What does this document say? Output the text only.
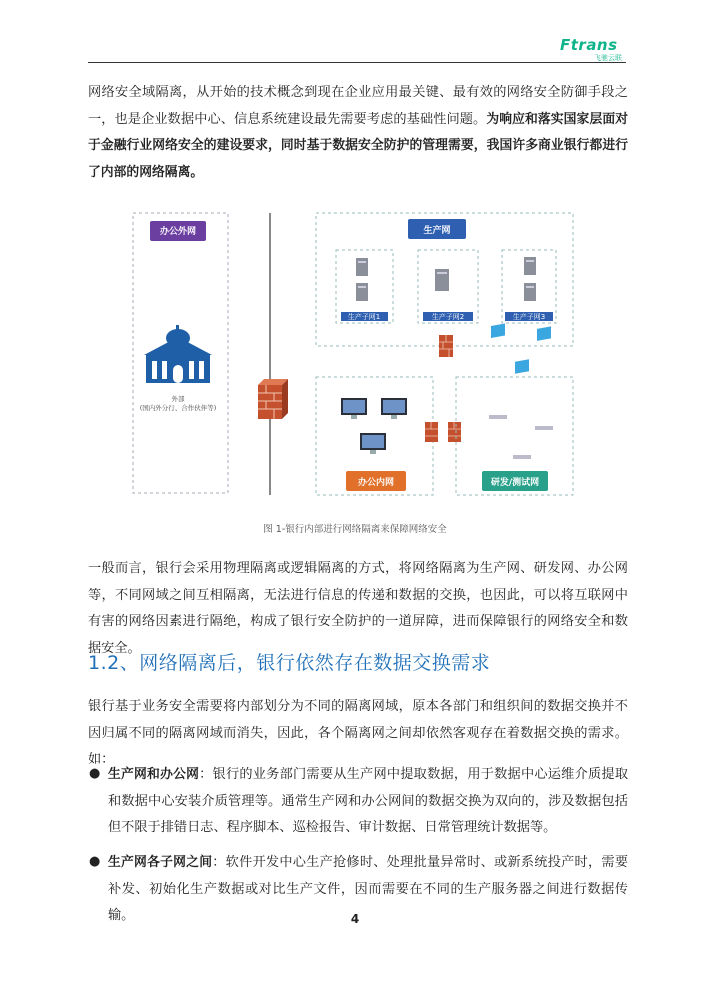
Ftrans
飞驰云联
网络安全域隔离，从开始的技术概念到现在企业应用最关键、最有效的网络安全防御手段之一，也是企业数据中心、信息系统建设最先需要考虑的基础性问题。为响应和落实国家层面对于金融行业网络安全的建设要求，同时基于数据安全防护的管理需要，我国许多商业银行都进行了内部的网络隔离。
办公外网
外部
(国内外分行、合作伙伴等)
生产网
生产子网1	生产子网2	生产子网3
办公内网	研发/测试网
图 1-银行内部进行网络隔离来保障网络安全
一般而言，银行会采用物理隔离或逻辑隔离的方式，将网络隔离为生产网、研发网、办公网等，不同网域之间互相隔离，无法进行信息的传递和数据的交换，也因此，可以将互联网中有害的网络因素进行隔绝，构成了银行安全防护的一道屏障，进而保障银行的网络安全和数据安全。
1.2、网络隔离后，银行依然存在数据交换需求
银行基于业务安全需要将内部划分为不同的隔离网域，原本各部门和组织间的数据交换并不因归属不同的隔离网域而消失，因此，各个隔离网之间却依然客观存在着数据交换的需求。如：
● 生产网和办公网：银行的业务部门需要从生产网中提取数据，用于数据中心运维介质提取和数据中心安装介质管理等。通常生产网和办公网间的数据交换为双向的，涉及数据包括但不限于排错日志、程序脚本、巡检报告、审计数据、日常管理统计数据等。
● 生产网各子网之间：软件开发中心生产抢修时、处理批量异常时、或新系统投产时，需要补发、初始化生产数据或对比生产文件，因而需要在不同的生产服务器之间进行数据传输。	4
